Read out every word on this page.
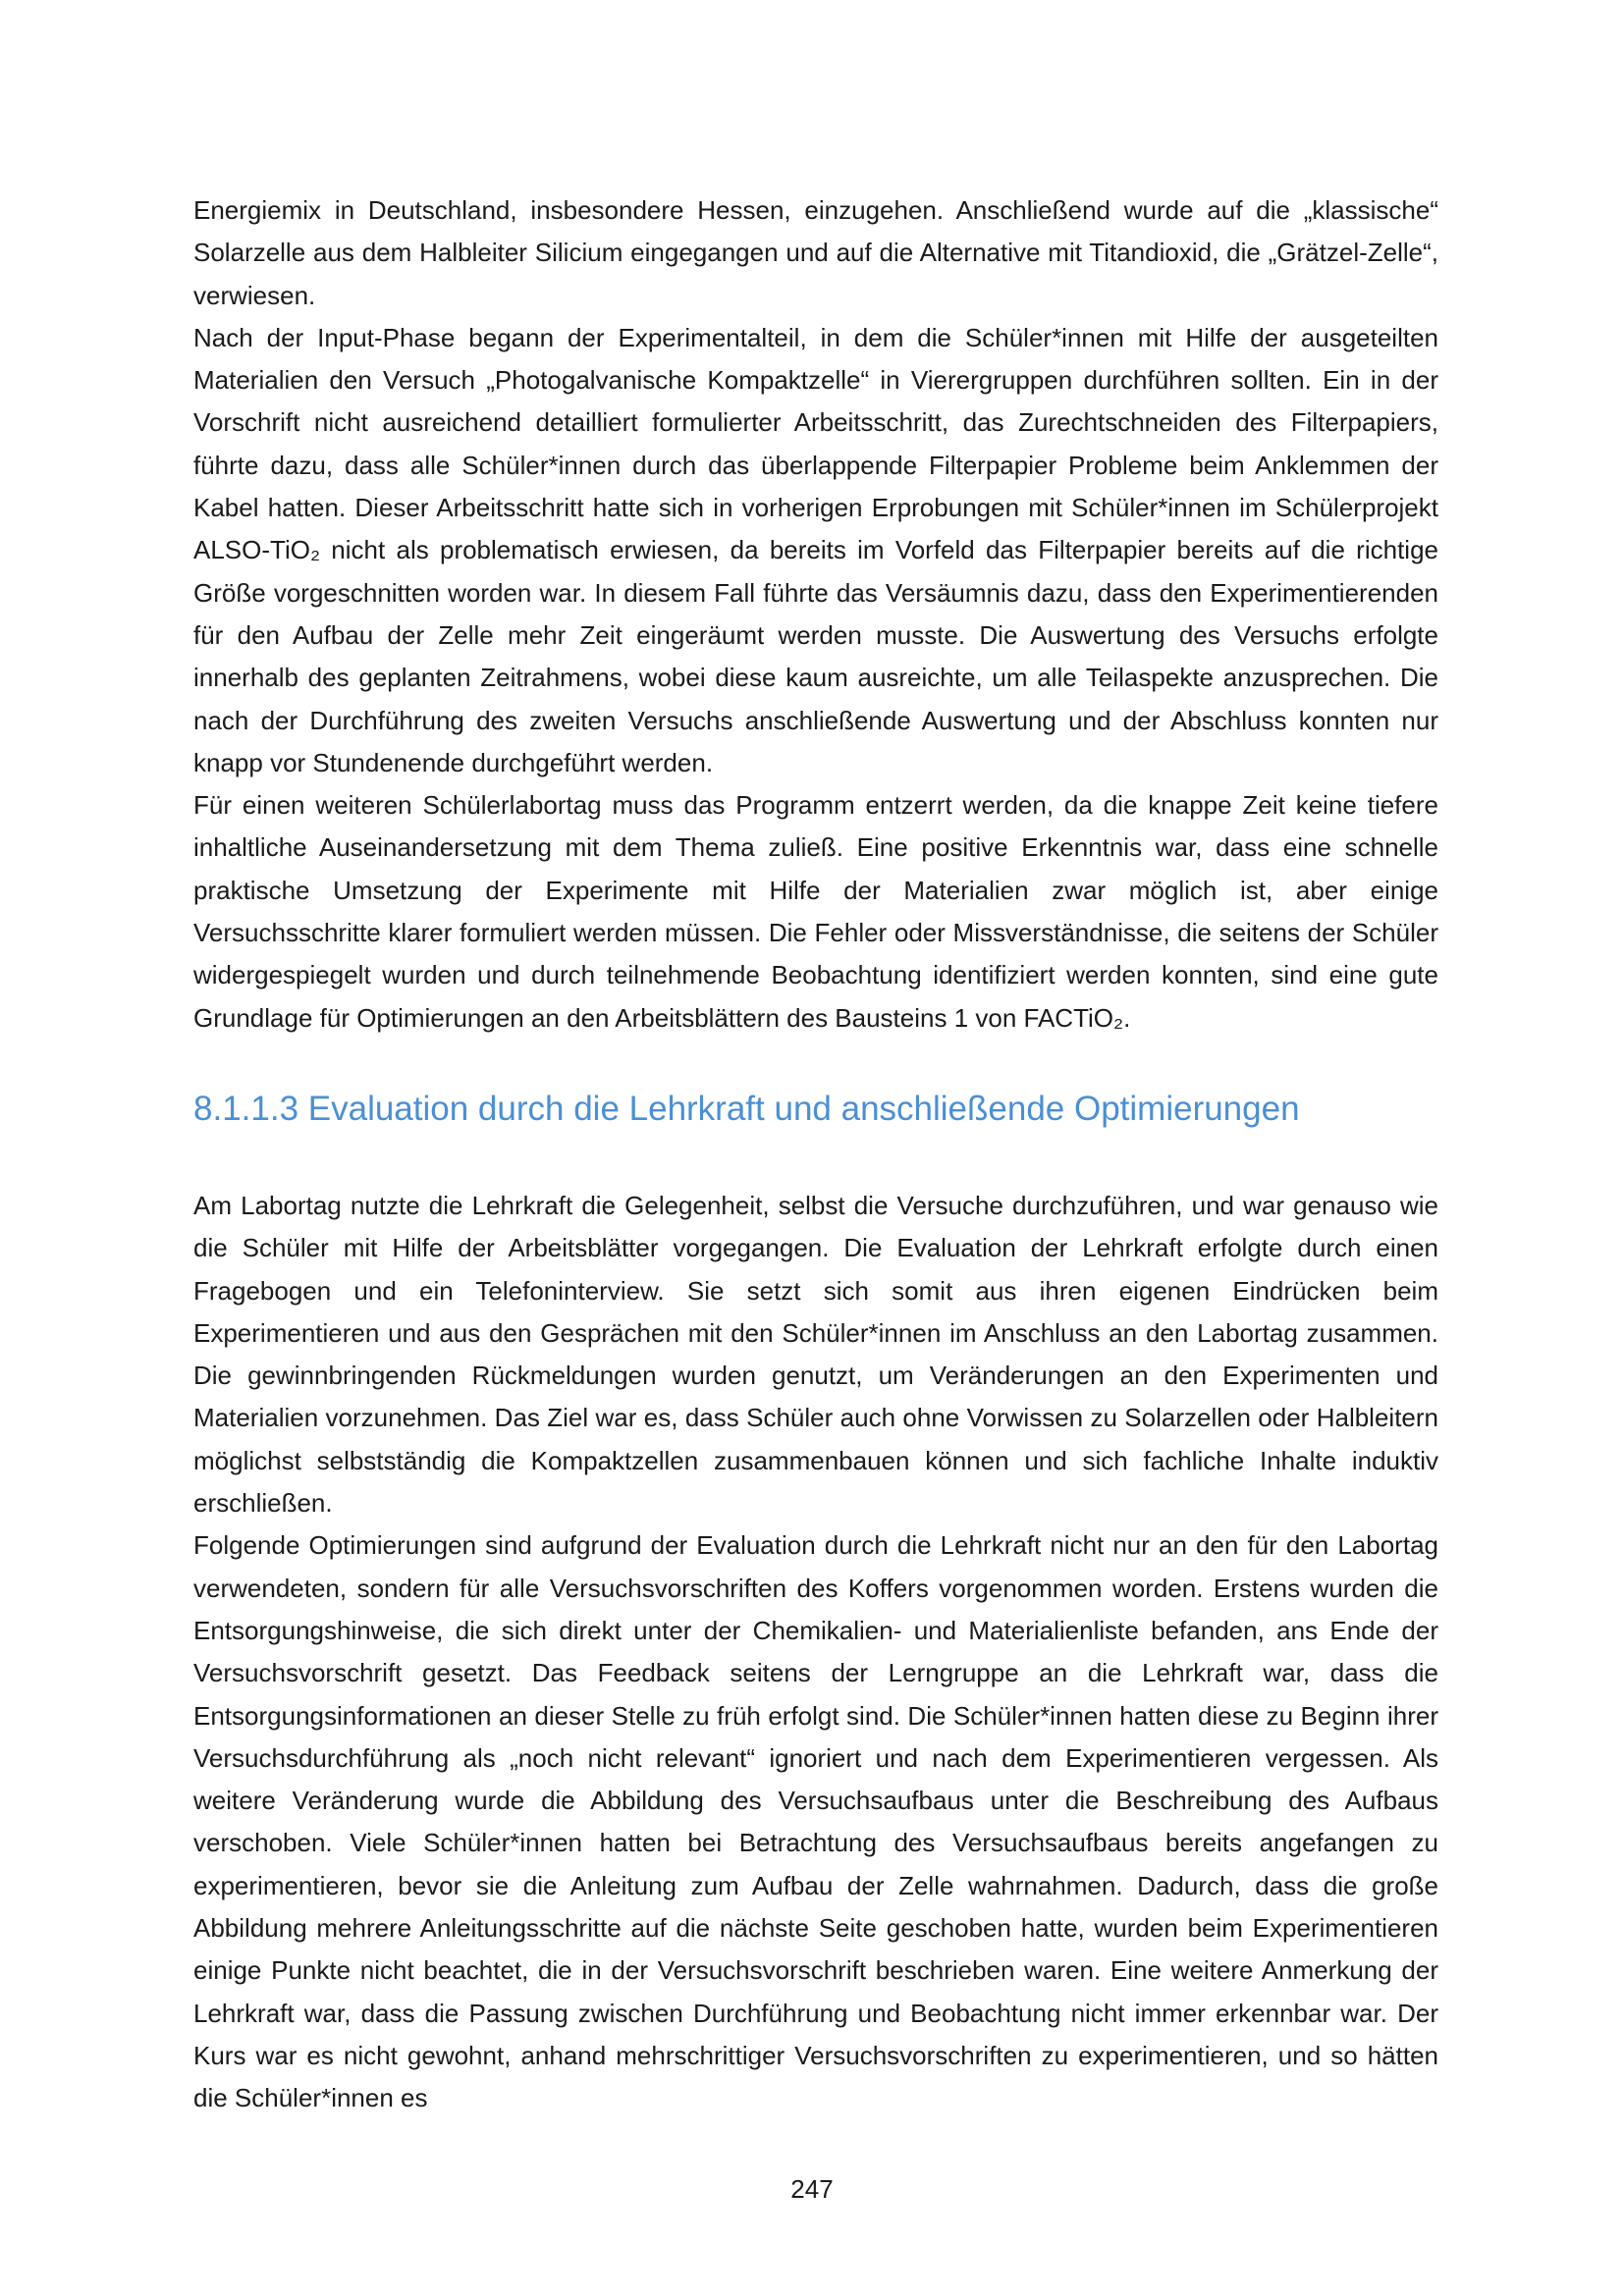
Energiemix in Deutschland, insbesondere Hessen, einzugehen. Anschließend wurde auf die „klassische“ Solarzelle aus dem Halbleiter Silicium eingegangen und auf die Alternative mit Titandioxid, die „Grätzel-Zelle“, verwiesen.

Nach der Input-Phase begann der Experimentalteil, in dem die Schüler*innen mit Hilfe der ausgeteilten Materialien den Versuch „Photogalvanische Kompaktzelle“ in Vierergruppen durchführen sollten. Ein in der Vorschrift nicht ausreichend detailliert formulierter Arbeitsschritt, das Zurechtschneiden des Filterpapiers, führte dazu, dass alle Schüler*innen durch das überlappende Filterpapier Probleme beim Anklemmen der Kabel hatten. Dieser Arbeitsschritt hatte sich in vorherigen Erprobungen mit Schüler*innen im Schülerprojekt ALSO-TiO₂ nicht als problematisch erwiesen, da bereits im Vorfeld das Filterpapier bereits auf die richtige Größe vorgeschnitten worden war. In diesem Fall führte das Versäumnis dazu, dass den Experimentierenden für den Aufbau der Zelle mehr Zeit eingeräumt werden musste. Die Auswertung des Versuchs erfolgte innerhalb des geplanten Zeitrahmens, wobei diese kaum ausreichte, um alle Teilaspekte anzusprechen. Die nach der Durchführung des zweiten Versuchs anschließende Auswertung und der Abschluss konnten nur knapp vor Stundenende durchgeführt werden.

Für einen weiteren Schülerlabortag muss das Programm entzerrt werden, da die knappe Zeit keine tiefere inhaltliche Auseinandersetzung mit dem Thema zuließ. Eine positive Erkenntnis war, dass eine schnelle praktische Umsetzung der Experimente mit Hilfe der Materialien zwar möglich ist, aber einige Versuchsschritte klarer formuliert werden müssen. Die Fehler oder Missverständnisse, die seitens der Schüler widergespiegelt wurden und durch teilnehmende Beobachtung identifiziert werden konnten, sind eine gute Grundlage für Optimierungen an den Arbeitsblättern des Bausteins 1 von FACTiO₂.

8.1.1.3 Evaluation durch die Lehrkraft und anschließende Optimierungen

Am Labortag nutzte die Lehrkraft die Gelegenheit, selbst die Versuche durchzuführen, und war genauso wie die Schüler mit Hilfe der Arbeitsblätter vorgegangen. Die Evaluation der Lehrkraft erfolgte durch einen Fragebogen und ein Telefoninterview. Sie setzt sich somit aus ihren eigenen Eindrücken beim Experimentieren und aus den Gesprächen mit den Schüler*innen im Anschluss an den Labortag zusammen. Die gewinnbringenden Rückmeldungen wurden genutzt, um Veränderungen an den Experimenten und Materialien vorzunehmen. Das Ziel war es, dass Schüler auch ohne Vorwissen zu Solarzellen oder Halbleitern möglichst selbstständig die Kompaktzellen zusammenbauen können und sich fachliche Inhalte induktiv erschließen.

Folgende Optimierungen sind aufgrund der Evaluation durch die Lehrkraft nicht nur an den für den Labortag verwendeten, sondern für alle Versuchsvorschriften des Koffers vorgenommen worden. Erstens wurden die Entsorgungshinweise, die sich direkt unter der Chemikalien- und Materialienliste befanden, ans Ende der Versuchsvorschrift gesetzt. Das Feedback seitens der Lerngruppe an die Lehrkraft war, dass die Entsorgungsinformationen an dieser Stelle zu früh erfolgt sind. Die Schüler*innen hatten diese zu Beginn ihrer Versuchsdurchführung als „noch nicht relevant“ ignoriert und nach dem Experimentieren vergessen. Als weitere Veränderung wurde die Abbildung des Versuchsaufbaus unter die Beschreibung des Aufbaus verschoben. Viele Schüler*innen hatten bei Betrachtung des Versuchsaufbaus bereits angefangen zu experimentieren, bevor sie die Anleitung zum Aufbau der Zelle wahrnahmen. Dadurch, dass die große Abbildung mehrere Anleitungsschritte auf die nächste Seite geschoben hatte, wurden beim Experimentieren einige Punkte nicht beachtet, die in der Versuchsvorschrift beschrieben waren. Eine weitere Anmerkung der Lehrkraft war, dass die Passung zwischen Durchführung und Beobachtung nicht immer erkennbar war. Der Kurs war es nicht gewohnt, anhand mehrschrittiger Versuchsvorschriften zu experimentieren, und so hätten die Schüler*innen es

247
